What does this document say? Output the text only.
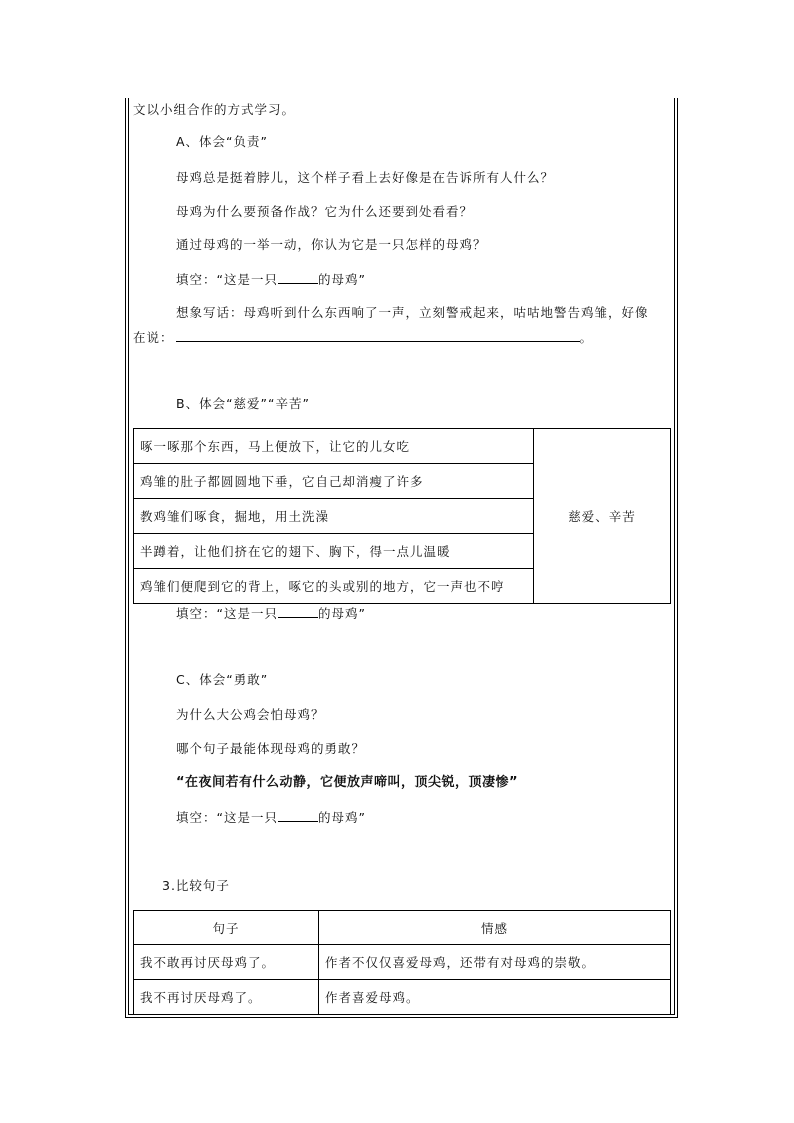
文以小组合作的方式学习。
A、体会“负责”
母鸡总是挺着脖儿，这个样子看上去好像是在告诉所有人什么？
母鸡为什么要预备作战？它为什么还要到处看看？
通过母鸡的一举一动，你认为它是一只怎样的母鸡？
填空：“这是一只	的母鸡”
想象写话：母鸡听到什么东西响了一声，立刻警戒起来，咕咕地警告鸡雏，好像
在说：	。
B、体会“慈爱”“辛苦”
啄一啄那个东西，马上便放下，让它的儿女吃	慈爱、辛苦
鸡雏的肚子都圆圆地下垂，它自己却消瘦了许多
教鸡雏们啄食，掘地，用土洗澡
半蹲着，让他们挤在它的翅下、胸下，得一点儿温暖
鸡雏们便爬到它的背上，啄它的头或别的地方，它一声也不哼
填空：“这是一只	的母鸡”
C、体会“勇敢”
为什么大公鸡会怕母鸡？
哪个句子最能体现母鸡的勇敢？
“在夜间若有什么动静，它便放声啼叫，顶尖锐，顶凄惨”
填空：“这是一只	的母鸡”
3.比较句子
句子	情感
我不敢再讨厌母鸡了。	作者不仅仅喜爱母鸡，还带有对母鸡的崇敬。
我不再讨厌母鸡了。	作者喜爱母鸡。
